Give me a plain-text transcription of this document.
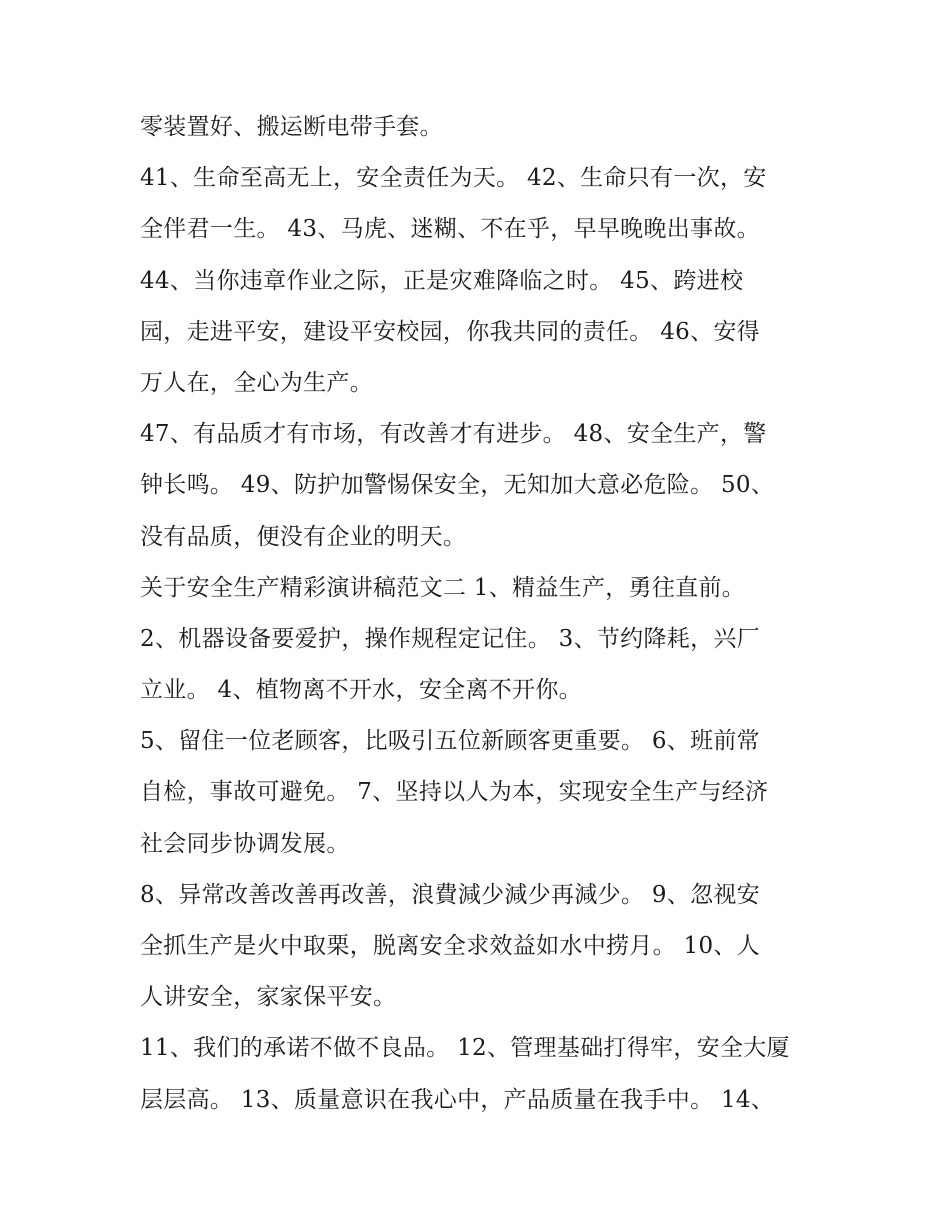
零装置好、搬运断电带手套。
41、生命至高无上，安全责任为天。 42、生命只有一次，安
全伴君一生。 43、马虎、迷糊、不在乎，早早晚晚出事故。
44、当你违章作业之际，正是灾难降临之时。 45、跨进校
园，走进平安，建设平安校园，你我共同的责任。 46、安得
万人在，全心为生产。
47、有品质才有市场，有改善才有进步。 48、安全生产，警
钟长鸣。 49、防护加警惕保安全，无知加大意必危险。 50、
没有品质，便没有企业的明天。
关于安全生产精彩演讲稿范文二 1、精益生产，勇往直前。
2、机器设备要爱护，操作规程定记住。 3、节约降耗，兴厂
立业。 4、植物离不开水，安全离不开你。
5、留住一位老顾客，比吸引五位新顾客更重要。 6、班前常
自检，事故可避免。 7、坚持以人为本，实现安全生产与经济
社会同步协调发展。
8、异常改善改善再改善，浪費減少減少再減少。 9、忽视安
全抓生产是火中取栗，脱离安全求效益如水中捞月。 10、人
人讲安全，家家保平安。
11、我们的承诺不做不良品。 12、管理基础打得牢，安全大厦
层层高。 13、质量意识在我心中，产品质量在我手中。 14、
